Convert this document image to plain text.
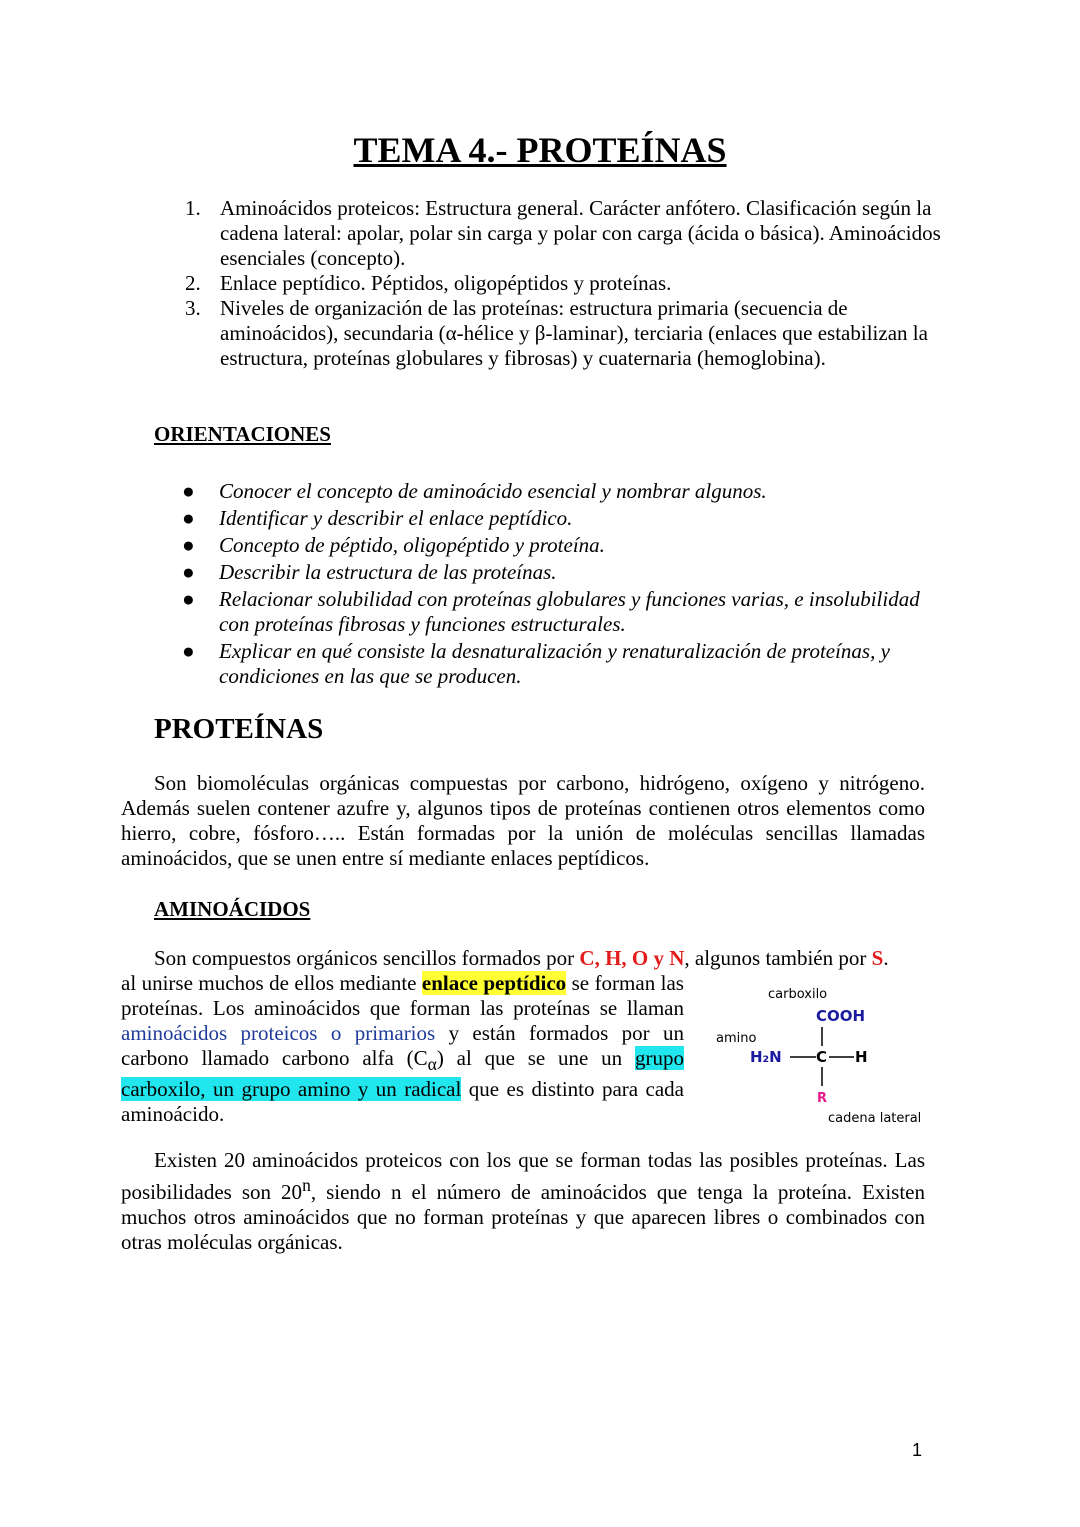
TEMA 4.- PROTEÍNAS
1. Aminoácidos proteicos: Estructura general. Carácter anfótero. Clasificación según la cadena lateral: apolar, polar sin carga y polar con carga (ácida o básica). Aminoácidos esenciales (concepto).
2. Enlace peptídico. Péptidos, oligopéptidos y proteínas.
3. Niveles de organización de las proteínas: estructura primaria (secuencia de aminoácidos), secundaria (α-hélice y β-laminar), terciaria (enlaces que estabilizan la estructura, proteínas globulares y fibrosas) y cuaternaria (hemoglobina).
ORIENTACIONES
● Conocer el concepto de aminoácido esencial y nombrar algunos.
● Identificar y describir el enlace peptídico.
● Concepto de péptido, oligopéptido y proteína.
● Describir la estructura de las proteínas.
● Relacionar solubilidad con proteínas globulares y funciones varias, e insolubilidad con proteínas fibrosas y funciones estructurales.
● Explicar en qué consiste la desnaturalización y renaturalización de proteínas, y condiciones en las que se producen.
PROTEÍNAS

Son biomoléculas orgánicas compuestas por carbono, hidrógeno, oxígeno y nitrógeno. Además suelen contener azufre y, algunos tipos de proteínas contienen otros elementos como hierro, cobre, fósforo….. Están formadas por la unión de moléculas sencillas llamadas aminoácidos, que se unen entre sí mediante enlaces peptídicos.

AMINOÁCIDOS
Son compuestos orgánicos sencillos formados por C, H, O y N, algunos también por S.

al unirse muchos de ellos mediante enlace peptídico se forman las proteínas. Los aminoácidos que forman las proteínas se llaman aminoácidos proteicos o primarios y están formados por un carbono llamado carbono alfa $(C_\alpha)$ al que se une un grupo carboxilo, un grupo amino y un radical que es distinto para cada aminoácido.

carboxilo
COOH
amino
H₂N C H
R
cadena lateral

Existen 20 aminoácidos proteicos con los que se forman todas las posibles proteínas. Las posibilidades son 20$^n$, siendo n el número de aminoácidos que tenga la proteína. Existen muchos otros aminoácidos que no forman proteínas y que aparecen libres o combinados con otras moléculas orgánicas.

1
